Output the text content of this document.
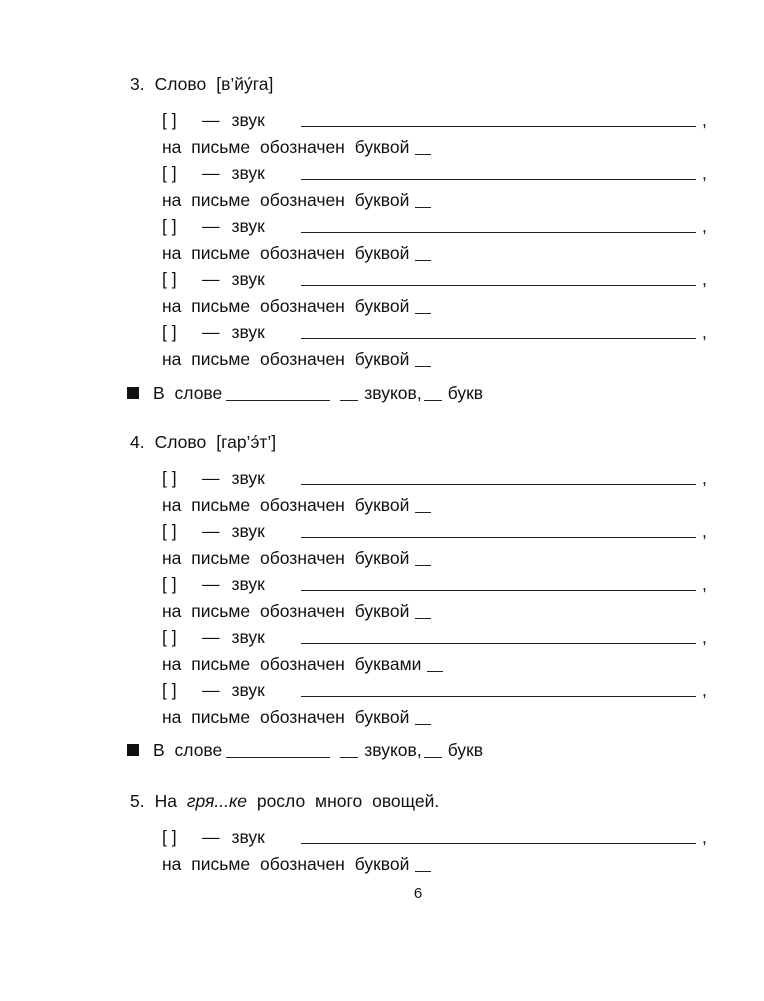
3. Слово [в’йу́га]
[ ] — звук	,
на письме обозначен буквой
[ ] — звук	,
на письме обозначен буквой
[ ] — звук	,
на письме обозначен буквой
[ ] — звук	,
на письме обозначен буквой
[ ] — звук	,
на письме обозначен буквой
В слове	звуков, букв
4. Слово [гар’э́т’]
[ ] — звук	,
на письме обозначен буквой
[ ] — звук	,
на письме обозначен буквой
[ ] — звук	,
на письме обозначен буквой
[ ] — звук	,
на письме обозначен буквами
[ ] — звук	,
на письме обозначен буквой
В слове	звуков, букв
5. На гря...ке росло много овощей.
[ ] — звук	,
на письме обозначен буквой
6
